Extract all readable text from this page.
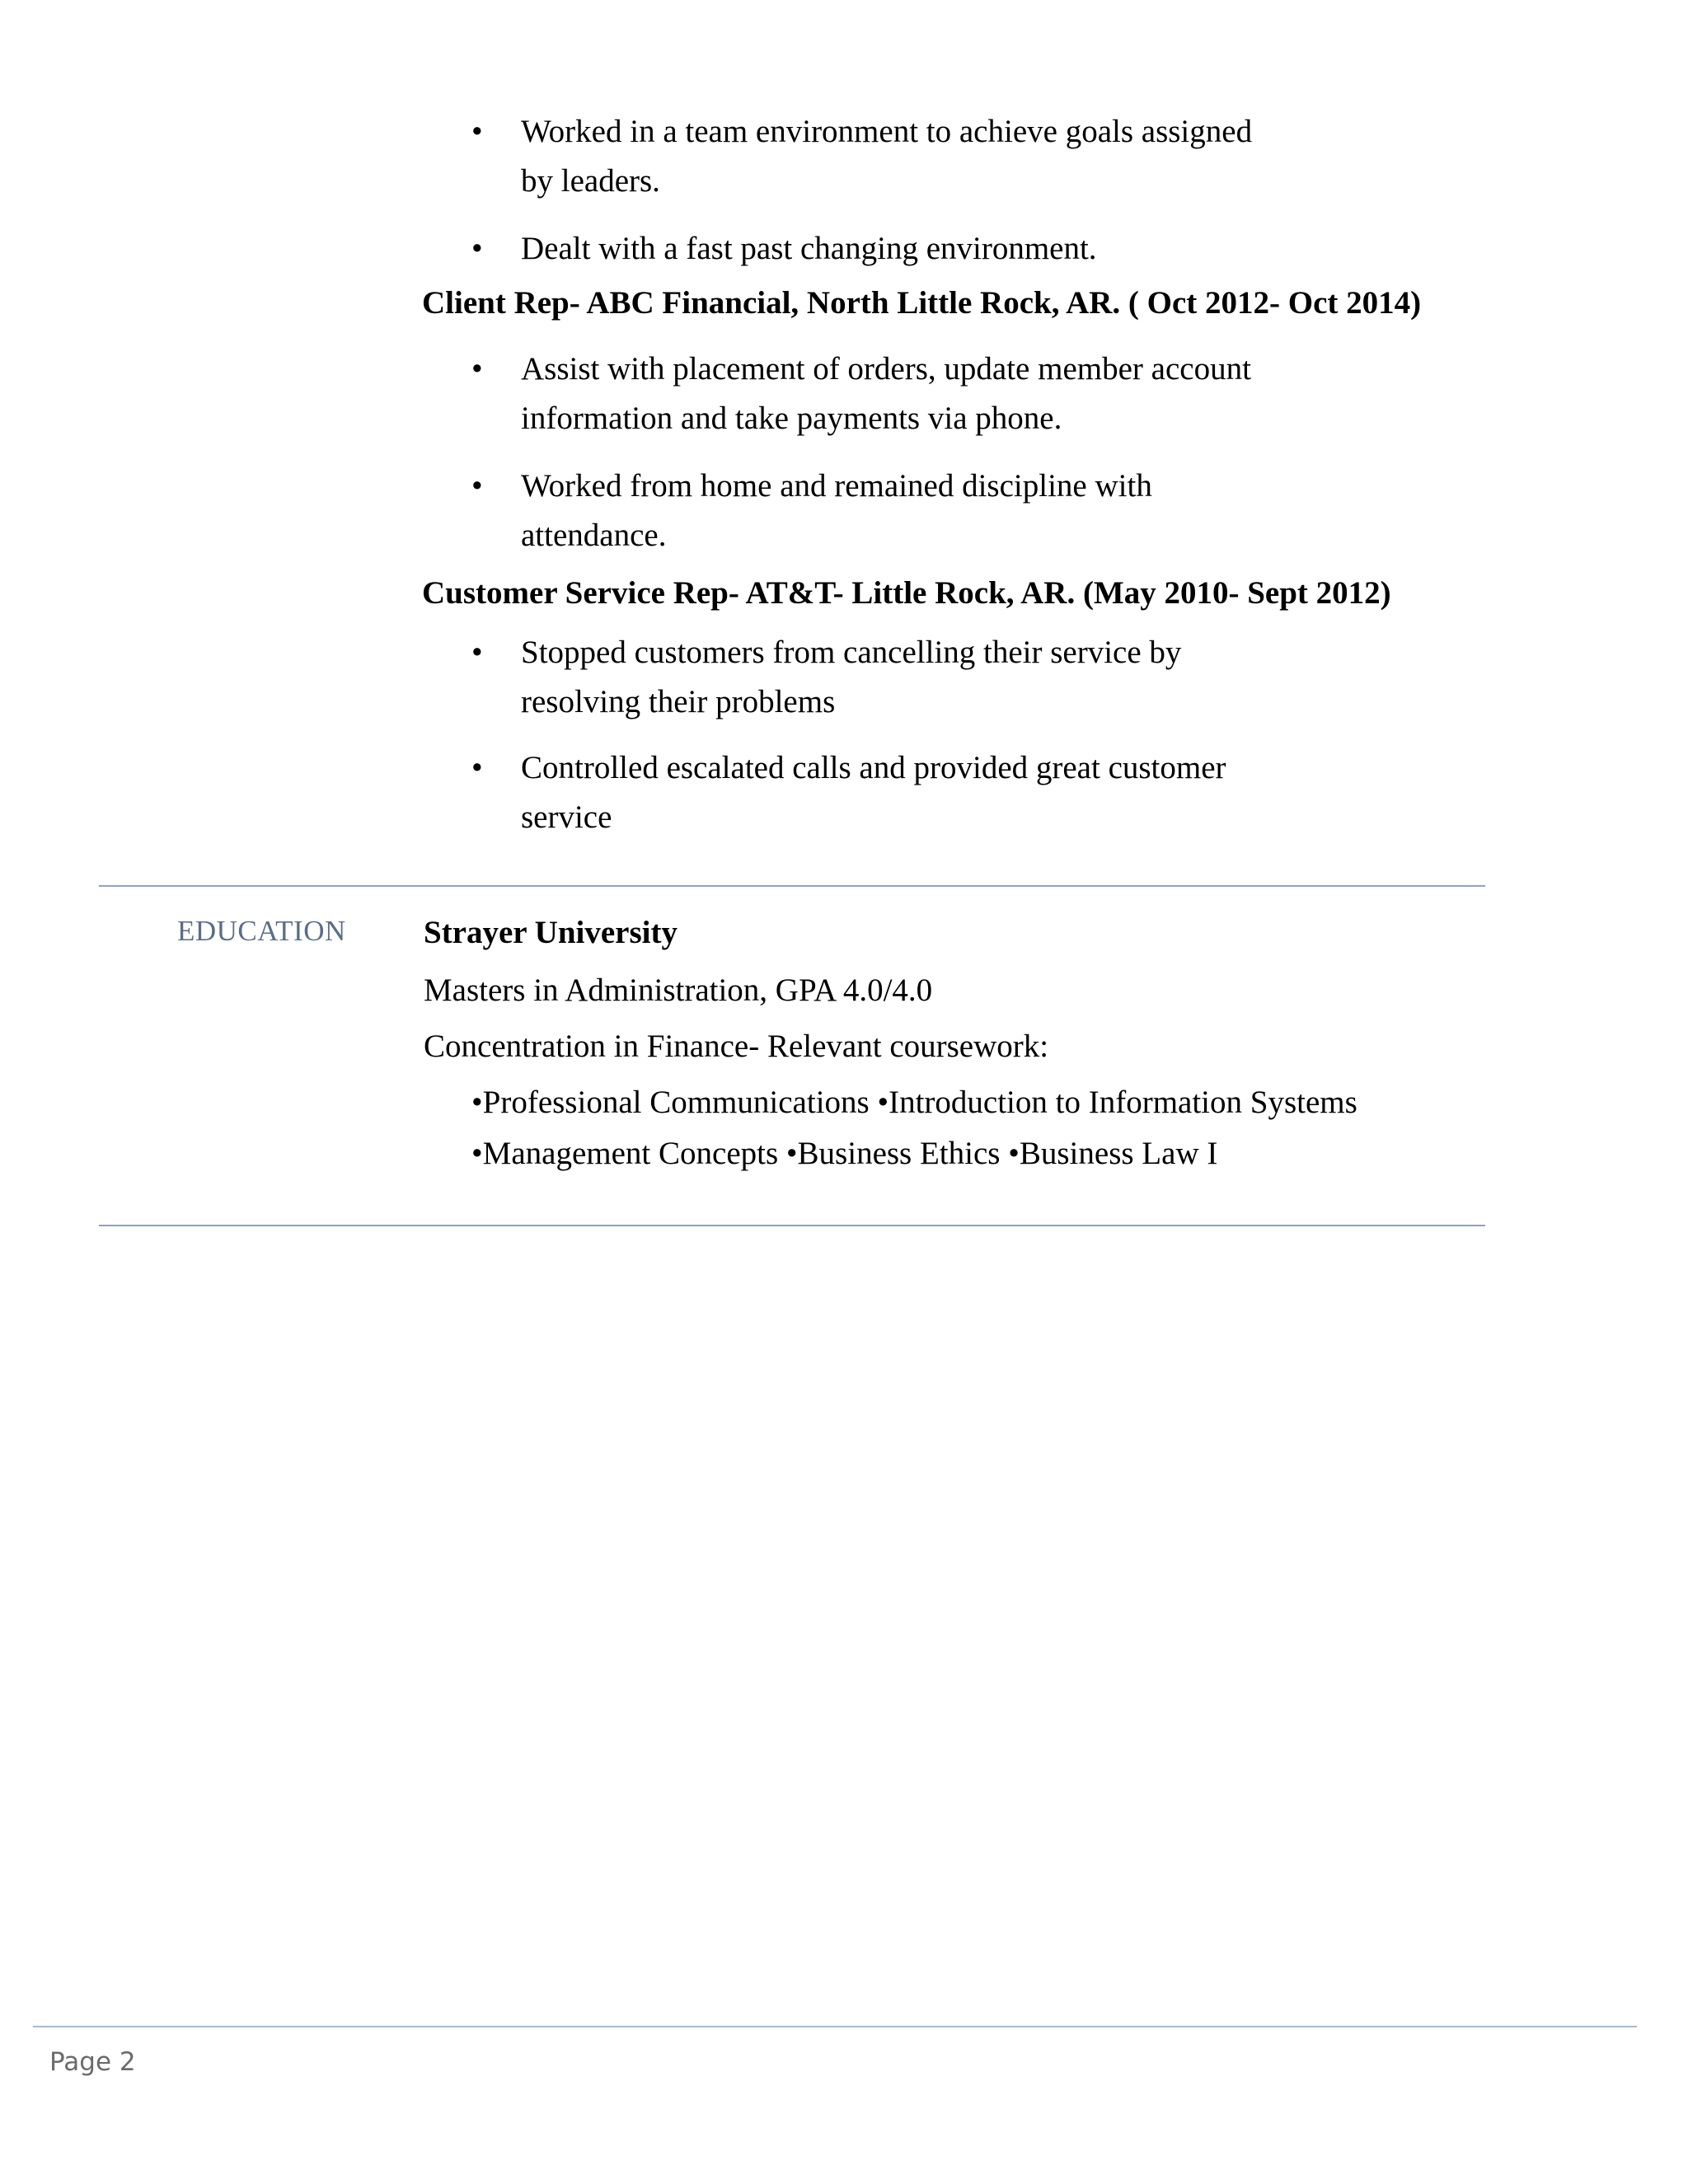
• Worked in a team environment to achieve goals assigned
by leaders.
• Dealt with a fast past changing environment.
Client Rep- ABC Financial, North Little Rock, AR. ( Oct 2012- Oct 2014)
• Assist with placement of orders, update member account
information and take payments via phone.
• Worked from home and remained discipline with
attendance.
Customer Service Rep- AT&T- Little Rock, AR. (May 2010- Sept 2012)
• Stopped customers from cancelling their service by
resolving their problems
• Controlled escalated calls and provided great customer
service
EDUCATION Strayer University
Masters in Administration, GPA 4.0/4.0
Concentration in Finance- Relevant coursework:
•Professional Communications •Introduction to Information Systems
•Management Concepts •Business Ethics •Business Law I
Page 2
